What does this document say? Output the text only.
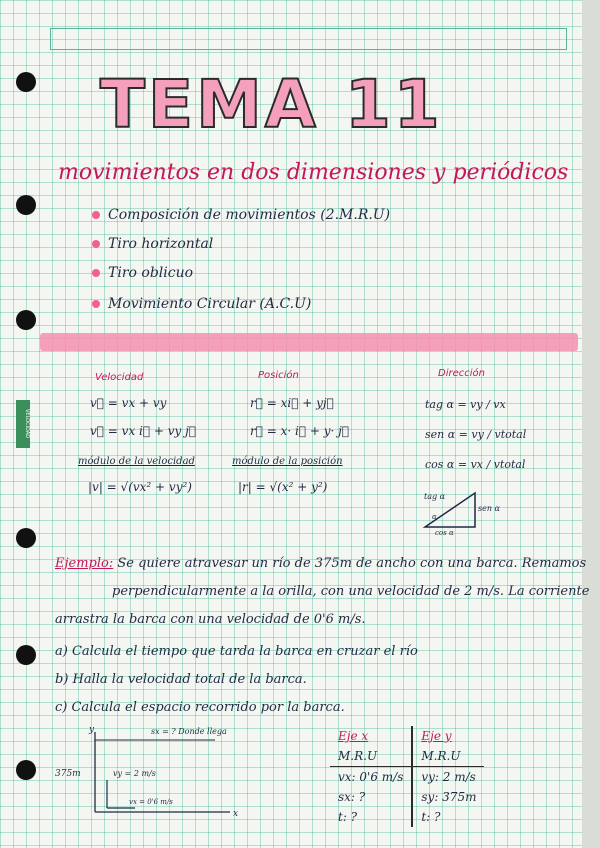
VELOCIDAD
TEMA 11
movimientos en dos dimensiones y periódicos
Composición de movimientos (2.M.R.U)
Tiro horizontal
Tiro oblicuo
Movimiento Circular (A.C.U)
Velocidad
v⃗ = vx + vy
v⃗ = vx i⃗ + vy j⃗
módulo de la velocidad
|v| = √(vx² + vy²)
Posición
r⃗ = xi⃗ + yj⃗
r⃗ = x· i⃗ + y· j⃗
módulo de la posición
|r| = √(x² + y²)
Dirección
tag α = vy / vx
sen α = vy / vtotal
cos α = vx / vtotal
tag α
sen α
α
cos α
Ejemplo: Se quiere atravesar un río de 375m de ancho con una barca. Remamos
perpendicularmente a la orilla, con una velocidad de 2 m/s. La corriente
arrastra la barca con una velocidad de 0'6 m/s.
a) Calcula el tiempo que tarda la barca en cruzar el río
b) Halla la velocidad total de la barca.
c) Calcula el espacio recorrido por la barca.
y
x
375m
sx = ? Donde llega
vy = 2 m/s
vx = 0'6 m/s
Eje x	Eje y
M.R.U	M.R.U
vx: 0'6 m/s	vy: 2 m/s
sx: ?	sy: 375m
t: ?	t: ?
